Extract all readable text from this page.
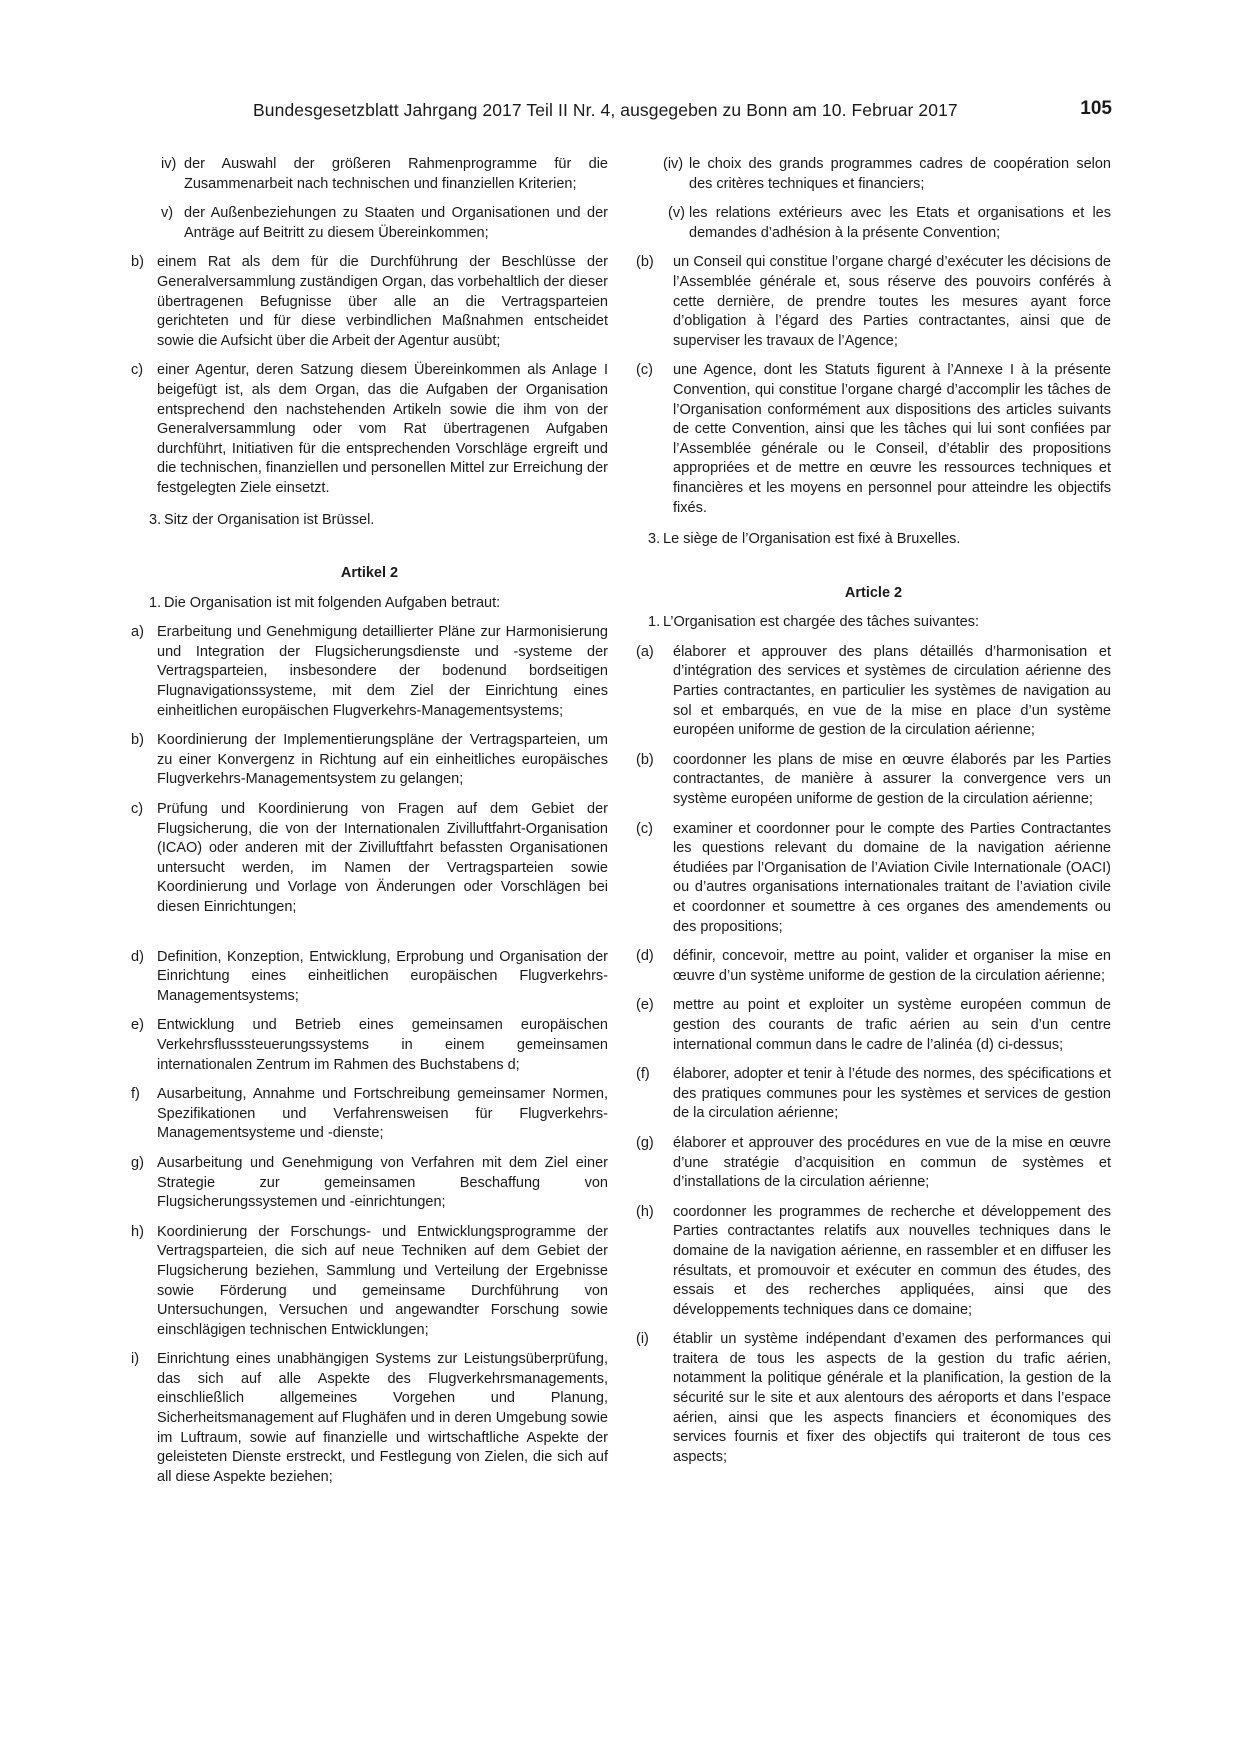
Bundesgesetzblatt Jahrgang 2017 Teil II Nr. 4, ausgegeben zu Bonn am 10. Februar 2017	105
iv) der Auswahl der größeren Rahmenprogramme für die Zusammenarbeit nach technischen und finanziellen Kriterien;
v) der Außenbeziehungen zu Staaten und Organisationen und der Anträge auf Beitritt zu diesem Übereinkommen;
b) einem Rat als dem für die Durchführung der Beschlüsse der Generalversammlung zuständigen Organ, das vorbehaltlich der dieser übertragenen Befugnisse über alle an die Vertragsparteien gerichteten und für diese verbindlichen Maßnahmen entscheidet sowie die Aufsicht über die Arbeit der Agentur ausübt;
c) einer Agentur, deren Satzung diesem Übereinkommen als Anlage I beigefügt ist, als dem Organ, das die Aufgaben der Organisation entsprechend den nachstehenden Artikeln sowie die ihm von der Generalversammlung oder vom Rat übertragenen Aufgaben durchführt, Initiativen für die entsprechenden Vorschläge ergreift und die technischen, finanziellen und personellen Mittel zur Erreichung der festgelegten Ziele einsetzt.
3. Sitz der Organisation ist Brüssel.
Artikel 2
1. Die Organisation ist mit folgenden Aufgaben betraut:
a) Erarbeitung und Genehmigung detaillierter Pläne zur Harmonisierung und Integration der Flugsicherungsdienste und -systeme der Vertragsparteien, insbesondere der bodenund bordseitigen Flugnavigationssysteme, mit dem Ziel der Einrichtung eines einheitlichen europäischen Flugverkehrs-Managementsystems;
b) Koordinierung der Implementierungspläne der Vertragsparteien, um zu einer Konvergenz in Richtung auf ein einheitliches europäisches Flugverkehrs-Managementsystem zu gelangen;
c) Prüfung und Koordinierung von Fragen auf dem Gebiet der Flugsicherung, die von der Internationalen Zivilluftfahrt-Organisation (ICAO) oder anderen mit der Zivilluftfahrt befassten Organisationen untersucht werden, im Namen der Vertragsparteien sowie Koordinierung und Vorlage von Änderungen oder Vorschlägen bei diesen Einrichtungen;
d) Definition, Konzeption, Entwicklung, Erprobung und Organisation der Einrichtung eines einheitlichen europäischen Flugverkehrs-Managementsystems;
e) Entwicklung und Betrieb eines gemeinsamen europäischen Verkehrsflusssteuerungssystems in einem gemeinsamen internationalen Zentrum im Rahmen des Buchstabens d;
f) Ausarbeitung, Annahme und Fortschreibung gemeinsamer Normen, Spezifikationen und Verfahrensweisen für Flugverkehrs-Managementsysteme und -dienste;
g) Ausarbeitung und Genehmigung von Verfahren mit dem Ziel einer Strategie zur gemeinsamen Beschaffung von Flugsicherungssystemen und -einrichtungen;
h) Koordinierung der Forschungs- und Entwicklungsprogramme der Vertragsparteien, die sich auf neue Techniken auf dem Gebiet der Flugsicherung beziehen, Sammlung und Verteilung der Ergebnisse sowie Förderung und gemeinsame Durchführung von Untersuchungen, Versuchen und angewandter Forschung sowie einschlägigen technischen Entwicklungen;
i) Einrichtung eines unabhängigen Systems zur Leistungsüberprüfung, das sich auf alle Aspekte des Flugverkehrsmanagements, einschließlich allgemeines Vorgehen und Planung, Sicherheitsmanagement auf Flughäfen und in deren Umgebung sowie im Luftraum, sowie auf finanzielle und wirtschaftliche Aspekte der geleisteten Dienste erstreckt, und Festlegung von Zielen, die sich auf all diese Aspekte beziehen;
(iv) le choix des grands programmes cadres de coopération selon des critères techniques et financiers;
(v) les relations extérieurs avec les Etats et organisations et les demandes d’adhésion à la présente Convention;
(b) un Conseil qui constitue l’organe chargé d’exécuter les décisions de l’Assemblée générale et, sous réserve des pouvoirs conférés à cette dernière, de prendre toutes les mesures ayant force d’obligation à l’égard des Parties contractantes, ainsi que de superviser les travaux de l’Agence;
(c) une Agence, dont les Statuts figurent à l’Annexe I à la présente Convention, qui constitue l’organe chargé d’accomplir les tâches de l’Organisation conformément aux dispositions des articles suivants de cette Convention, ainsi que les tâches qui lui sont confiées par l’Assemblée générale ou le Conseil, d’établir des propositions appropriées et de mettre en œuvre les ressources techniques et financières et les moyens en personnel pour atteindre les objectifs fixés.
3. Le siège de l’Organisation est fixé à Bruxelles.
Article 2
1. L’Organisation est chargée des tâches suivantes:
(a) élaborer et approuver des plans détaillés d’harmonisation et d’intégration des services et systèmes de circulation aérienne des Parties contractantes, en particulier les systèmes de navigation au sol et embarqués, en vue de la mise en place d’un système européen uniforme de gestion de la circulation aérienne;
(b) coordonner les plans de mise en œuvre élaborés par les Parties contractantes, de manière à assurer la convergence vers un système européen uniforme de gestion de la circulation aérienne;
(c) examiner et coordonner pour le compte des Parties Contractantes les questions relevant du domaine de la navigation aérienne étudiées par l’Organisation de l’Aviation Civile Internationale (OACI) ou d’autres organisations internationales traitant de l’aviation civile et coordonner et soumettre à ces organes des amendements ou des propositions;
(d) définir, concevoir, mettre au point, valider et organiser la mise en œuvre d’un système uniforme de gestion de la circulation aérienne;
(e) mettre au point et exploiter un système européen commun de gestion des courants de trafic aérien au sein d’un centre international commun dans le cadre de l’alinéa (d) ci-dessus;
(f) élaborer, adopter et tenir à l’étude des normes, des spécifications et des pratiques communes pour les systèmes et services de gestion de la circulation aérienne;
(g) élaborer et approuver des procédures en vue de la mise en œuvre d’une stratégie d’acquisition en commun de systèmes et d’installations de la circulation aérienne;
(h) coordonner les programmes de recherche et développement des Parties contractantes relatifs aux nouvelles techniques dans le domaine de la navigation aérienne, en rassembler et en diffuser les résultats, et promouvoir et exécuter en commun des études, des essais et des recherches appliquées, ainsi que des développements techniques dans ce domaine;
(i) établir un système indépendant d’examen des performances qui traitera de tous les aspects de la gestion du trafic aérien, notamment la politique générale et la planification, la gestion de la sécurité sur le site et aux alentours des aéroports et dans l’espace aérien, ainsi que les aspects financiers et économiques des services fournis et fixer des objectifs qui traiteront de tous ces aspects;
